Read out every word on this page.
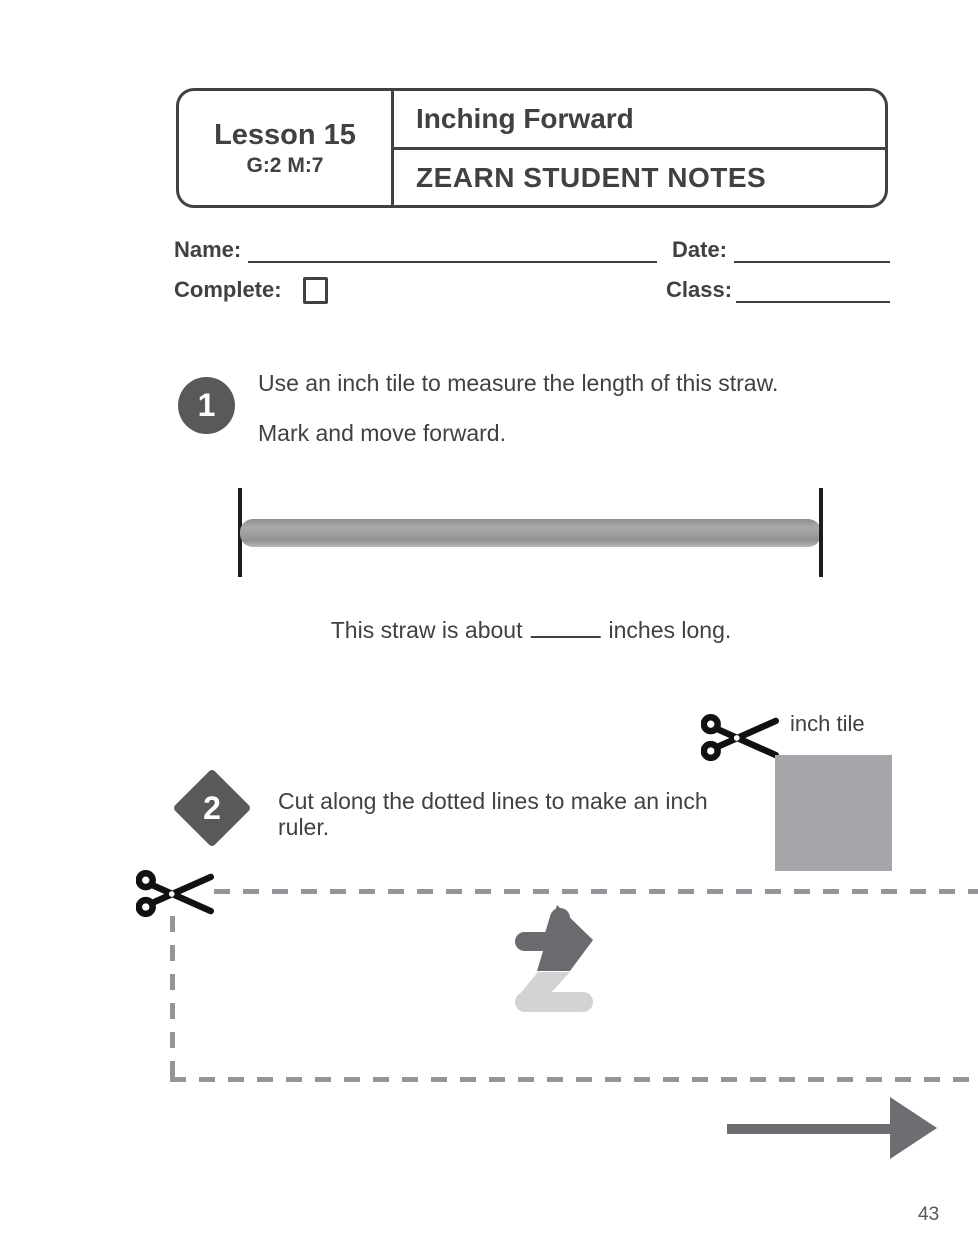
Lesson 15
G:2 M:7
Inching Forward
ZEARN STUDENT NOTES
Name:	Date:
Complete:	Class:
1
Use an inch tile to measure the length of this straw.
Mark and move forward.
This straw is about	inches long.
inch tile
2	Cut along the dotted lines to make an inch
ruler.
43
